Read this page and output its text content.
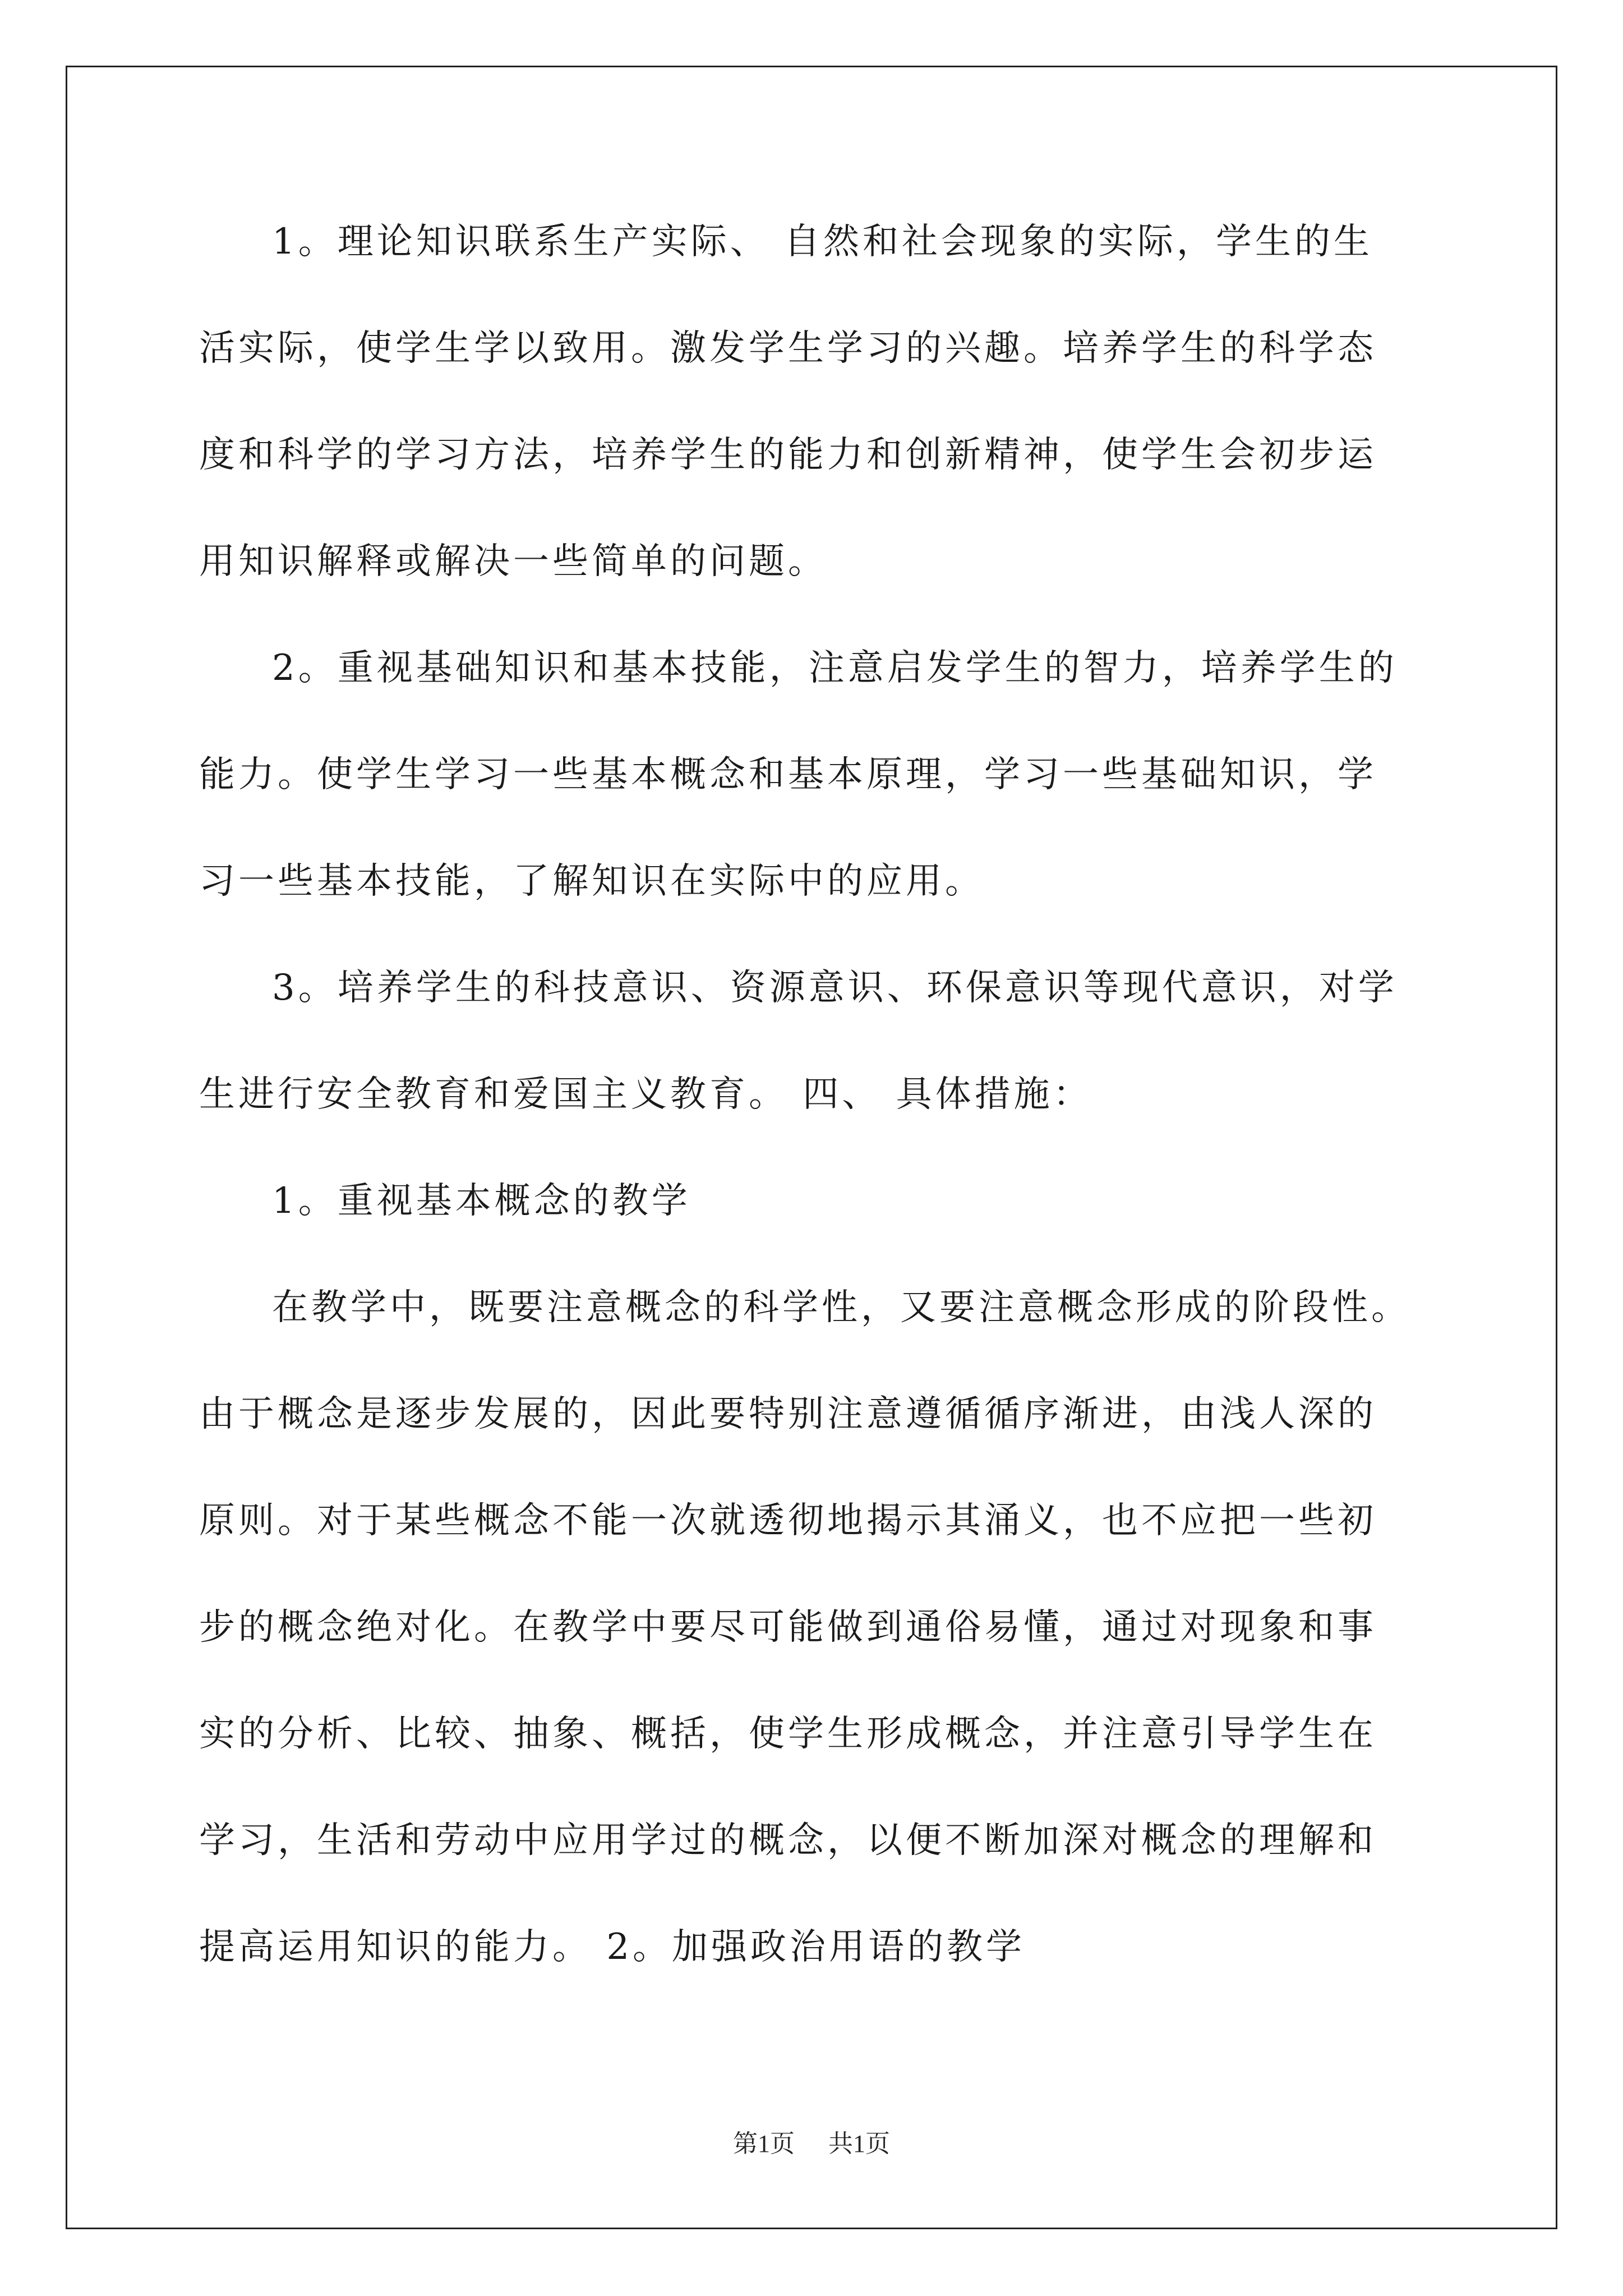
1。理论知识联系生产实际、 自然和社会现象的实际，学生的生

活实际，使学生学以致用。激发学生学习的兴趣。培养学生的科学态

度和科学的学习方法，培养学生的能力和创新精神，使学生会初步运

用知识解释或解决一些简单的问题。

2。重视基础知识和基本技能，注意启发学生的智力，培养学生的

能力。使学生学习一些基本概念和基本原理，学习一些基础知识，学

习一些基本技能，了解知识在实际中的应用。

3。培养学生的科技意识、资源意识、环保意识等现代意识，对学

生进行安全教育和爱国主义教育。 四、 具体措施：

1。重视基本概念的教学

在教学中，既要注意概念的科学性，又要注意概念形成的阶段性。

由于概念是逐步发展的，因此要特别注意遵循循序渐进，由浅人深的

原则。对于某些概念不能一次就透彻地揭示其涌义，也不应把一些初

步的概念绝对化。在教学中要尽可能做到通俗易懂，通过对现象和事

实的分析、比较、抽象、概括，使学生形成概念，并注意引导学生在

学习，生活和劳动中应用学过的概念，以便不断加深对概念的理解和

提高运用知识的能力。 2。加强政治用语的教学

第1页 共1页
